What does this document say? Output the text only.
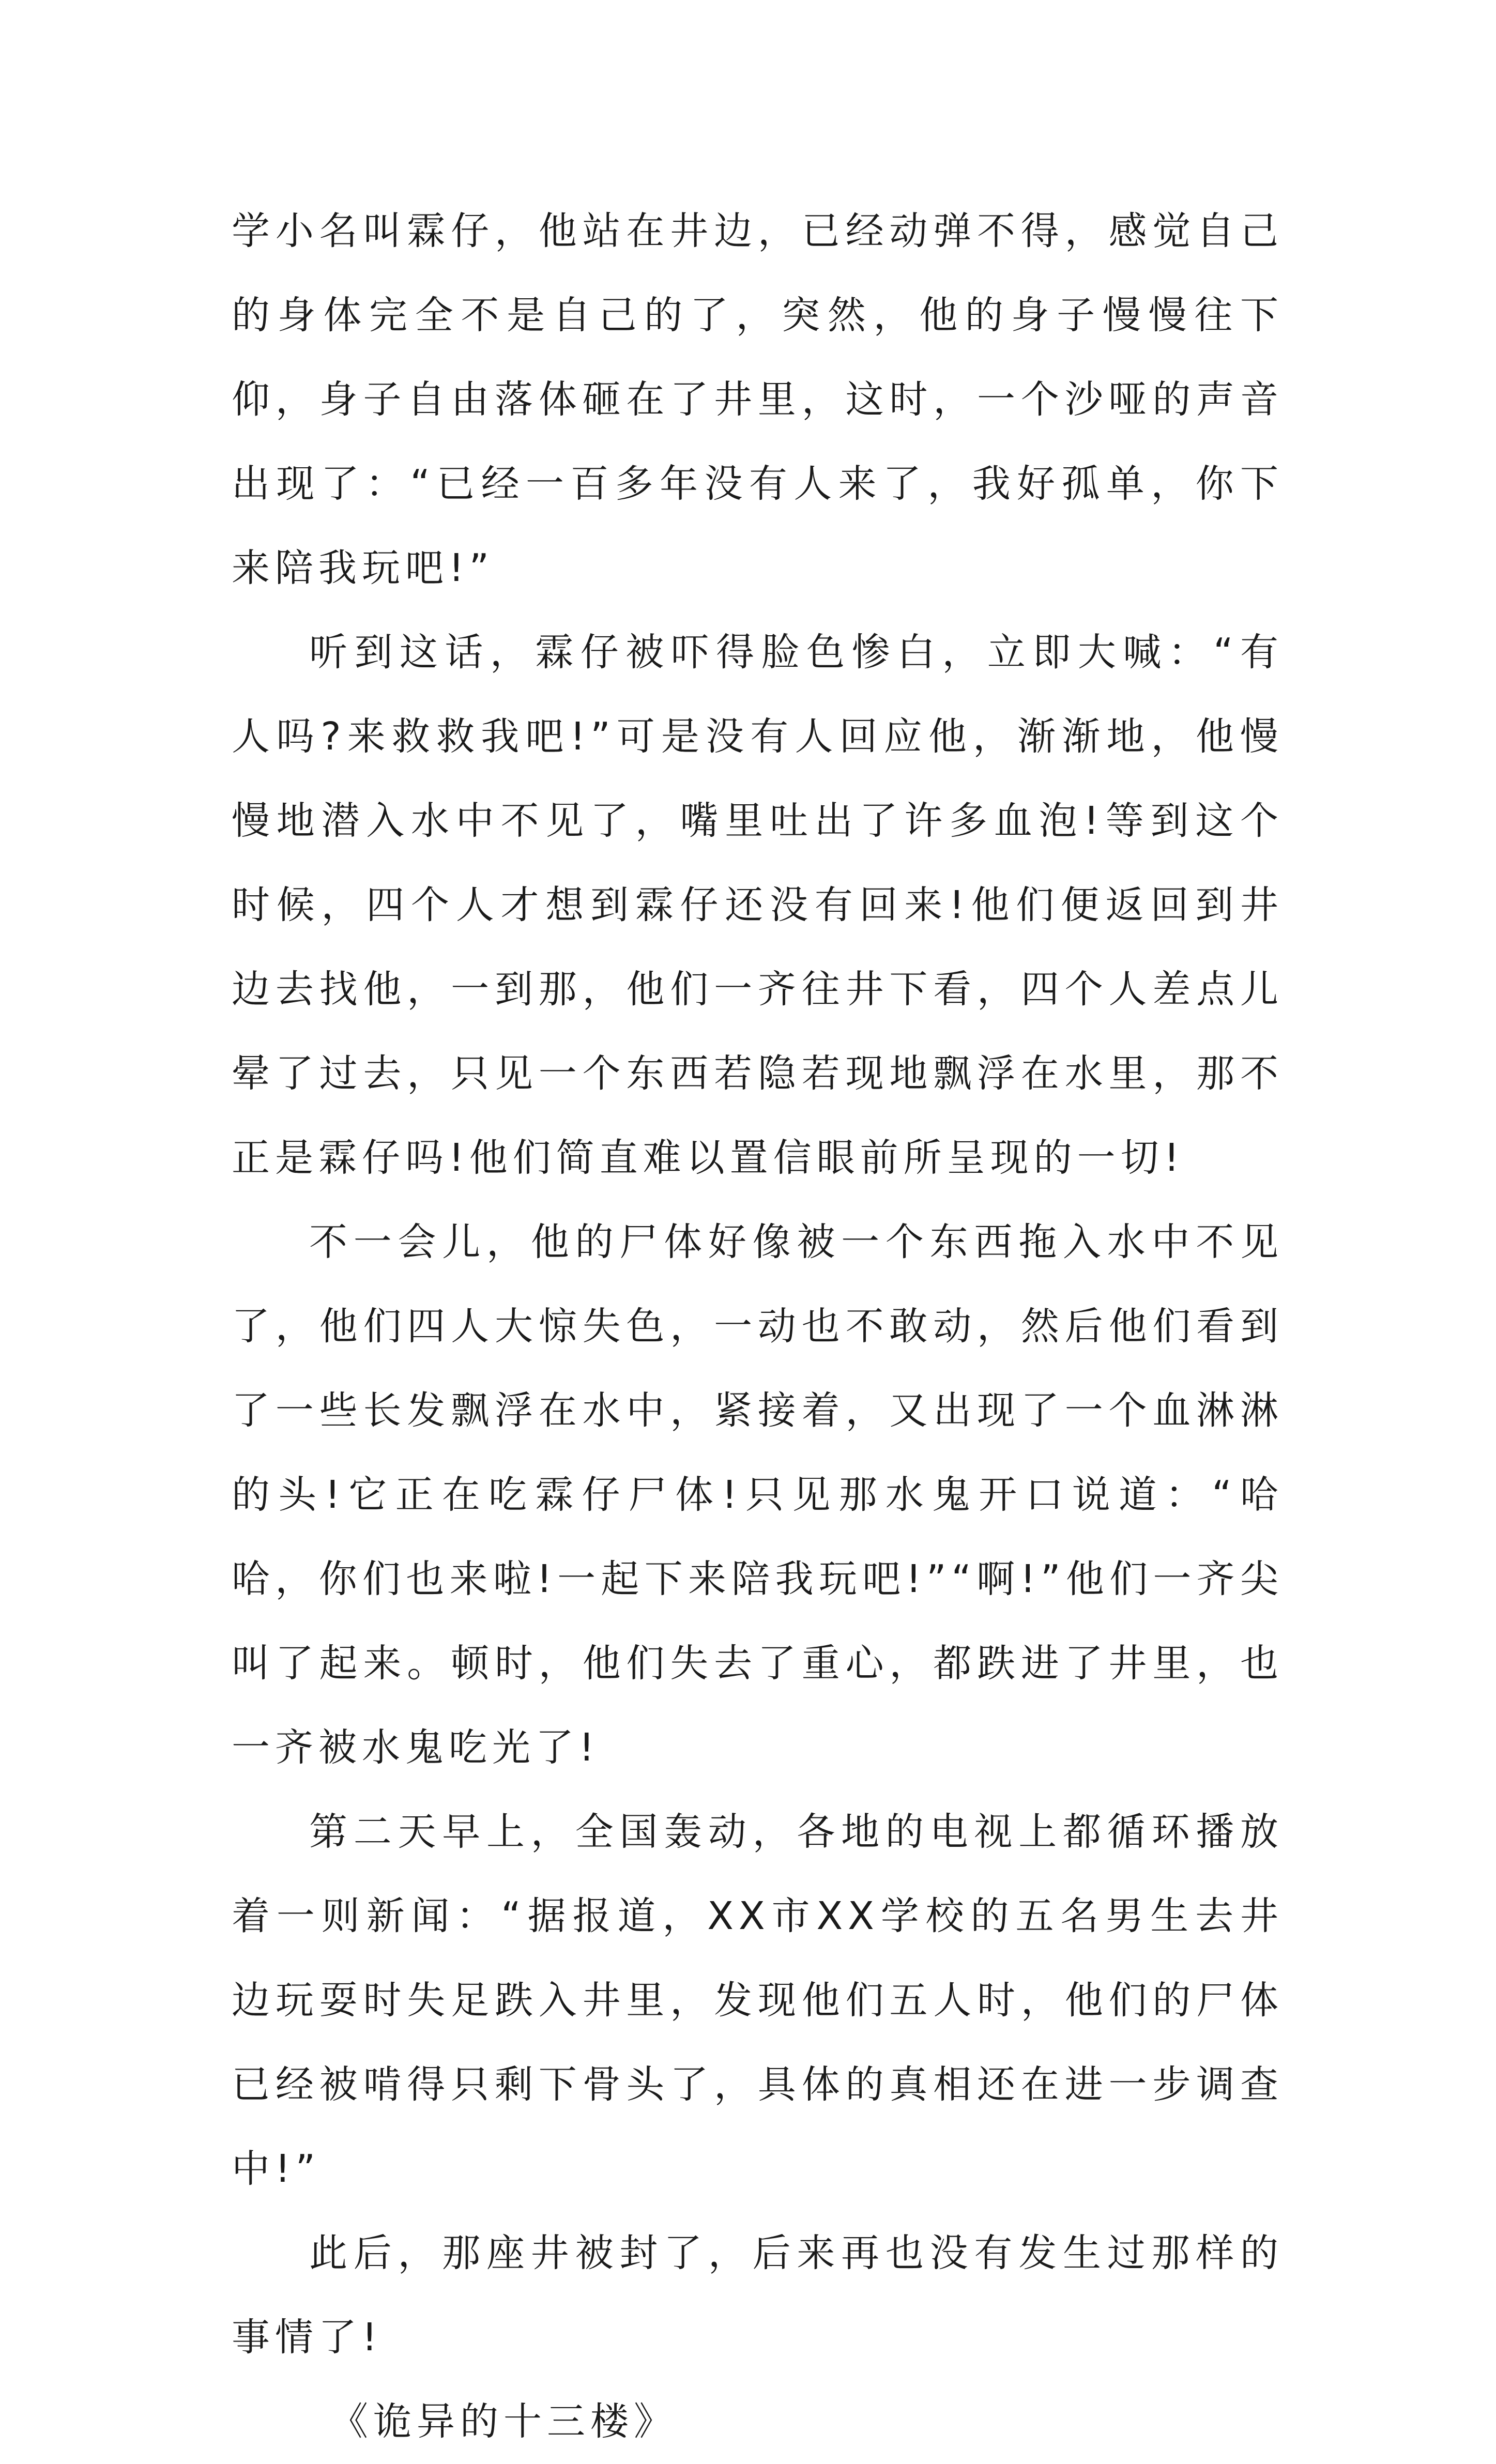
学小名叫霖仔，他站在井边，已经动弹不得，感觉自己的身体完全不是自己的了，突然，他的身子慢慢往下仰，身子自由落体砸在了井里，这时，一个沙哑的声音出现了：“已经一百多年没有人来了，我好孤单，你下来陪我玩吧!”

听到这话，霖仔被吓得脸色惨白，立即大喊：“有人吗?来救救我吧!”可是没有人回应他，渐渐地，他慢慢地潜入水中不见了，嘴里吐出了许多血泡!等到这个时候，四个人才想到霖仔还没有回来!他们便返回到井边去找他，一到那，他们一齐往井下看，四个人差点儿晕了过去，只见一个东西若隐若现地飘浮在水里，那不正是霖仔吗!他们简直难以置信眼前所呈现的一切!

不一会儿，他的尸体好像被一个东西拖入水中不见了，他们四人大惊失色，一动也不敢动，然后他们看到了一些长发飘浮在水中，紧接着，又出现了一个血淋淋的头!它正在吃霖仔尸体!只见那水鬼开口说道：“哈哈，你们也来啦!一起下来陪我玩吧!”“啊!”他们一齐尖叫了起来。顿时，他们失去了重心，都跌进了井里，也一齐被水鬼吃光了!

第二天早上，全国轰动，各地的电视上都循环播放着一则新闻：“据报道，XX市XX学校的五名男生去井边玩耍时失足跌入井里，发现他们五人时，他们的尸体已经被啃得只剩下骨头了，具体的真相还在进一步调查中!”

此后，那座井被封了，后来再也没有发生过那样的事情了!

《诡异的十三楼》
